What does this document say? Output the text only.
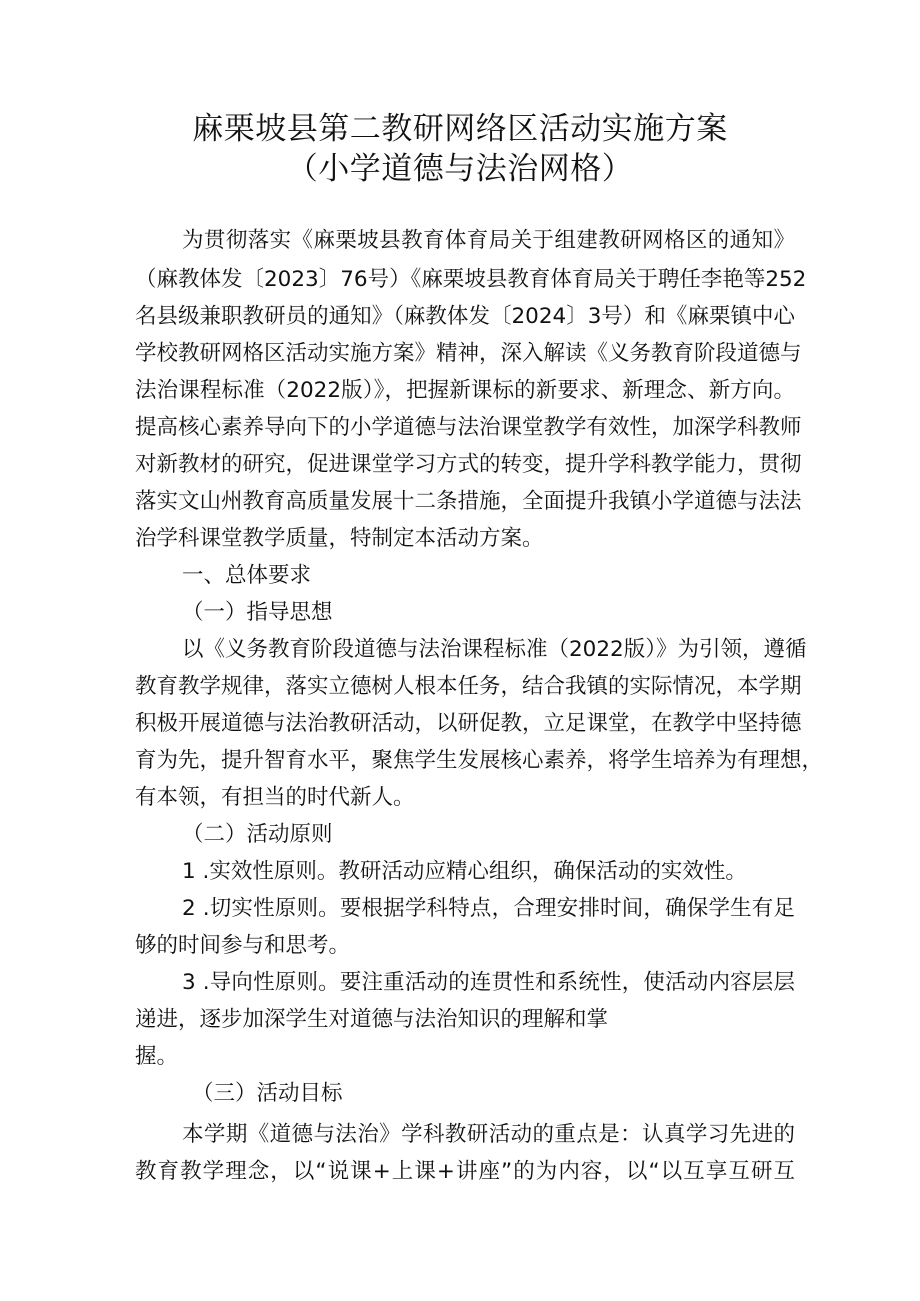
麻栗坡县第二教研网络区活动实施方案
（小学道德与法治网格）

为贯彻落实《麻栗坡县教育体育局关于组建教研网格区的通知》

（麻教体发〔2023〕76号）《麻栗坡县教育体育局关于聘任李艳等252

名县级兼职教研员的通知》（麻教体发〔2024〕3号）和《麻栗镇中心

学校教研网格区活动实施方案》精神，深入解读《义务教育阶段道德与

法治课程标准（2022版）》，把握新课标的新要求、新理念、新方向。

提高核心素养导向下的小学道德与法治课堂教学有效性，加深学科教师

对新教材的研究，促进课堂学习方式的转变，提升学科教学能力，贯彻

落实文山州教育高质量发展十二条措施，全面提升我镇小学道德与法法

治学科课堂教学质量，特制定本活动方案。

一、总体要求

（一）指导思想

以《义务教育阶段道德与法治课程标准（2022版）》为引领，遵循

教育教学规律，落实立德树人根本任务，结合我镇的实际情况，本学期

积极开展道德与法治教研活动，以研促教，立足课堂，在教学中坚持德

育为先，提升智育水平，聚焦学生发展核心素养，将学生培养为有理想，

有本领，有担当的时代新人。

（二）活动原则

1 .实效性原则。教研活动应精心组织，确保活动的实效性。

2 .切实性原则。要根据学科特点，合理安排时间，确保学生有足

够的时间参与和思考。

3 .导向性原则。要注重活动的连贯性和系统性，使活动内容层层

递进，逐步加深学生对道德与法治知识的理解和掌

握。

（三）活动目标

本学期《道德与法治》学科教研活动的重点是：认真学习先进的

教育教学理念，以“说课+上课+讲座”的为内容，以“以互享互研互
